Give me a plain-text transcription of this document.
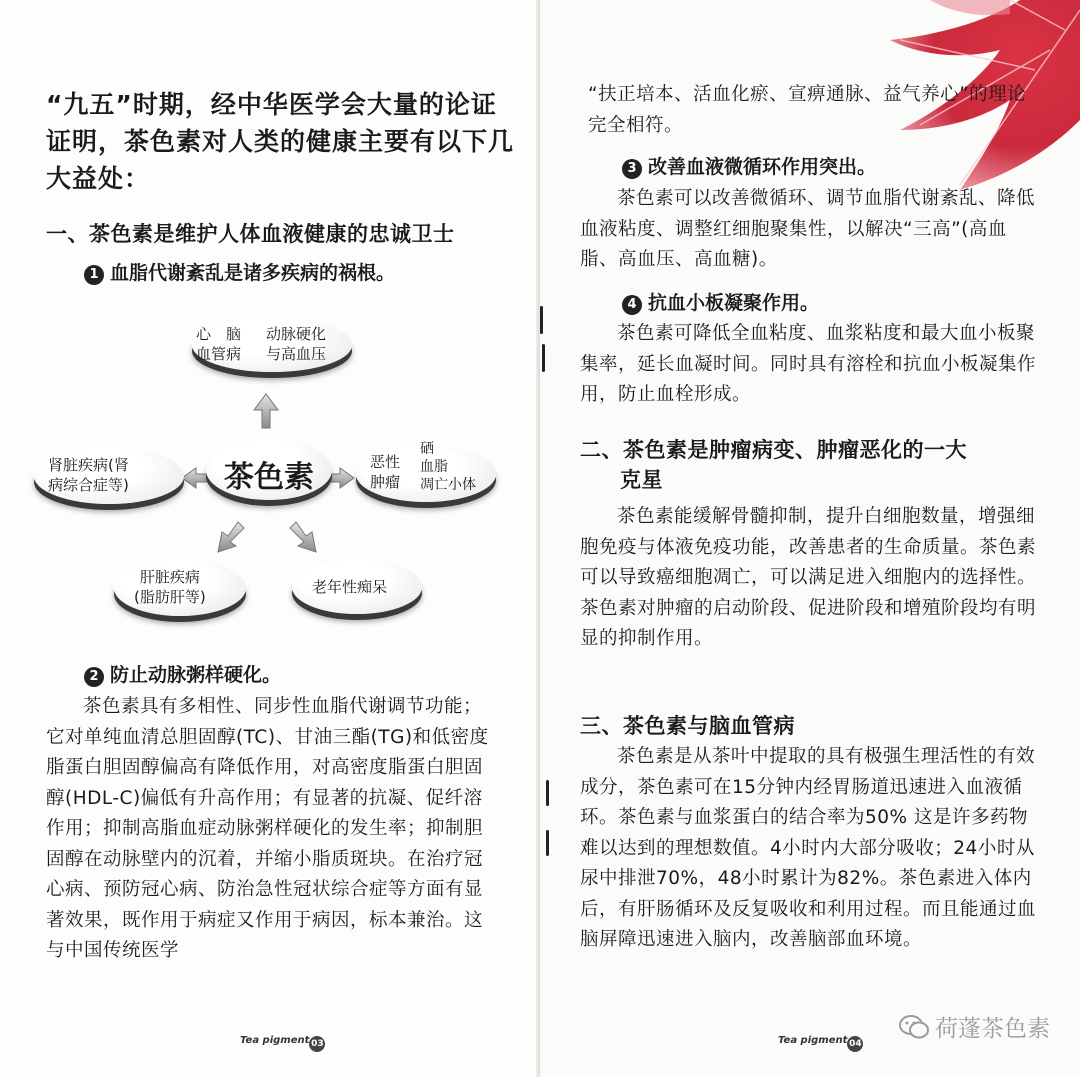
“九五”时期，经中华医学会大量的论证证明，茶色素对人类的健康主要有以下几大益处：
一、茶色素是维护人体血液健康的忠诚卫士
1 血脂代谢紊乱是诸多疾病的祸根。
心　脑
血管病
动脉硬化
与高血压
茶色素
肾脏疾病(肾
病综合症等)
恶性
肿瘤
硒
血脂
凋亡小体
肝脏疾病
(脂肪肝等)
老年性痴呆
2 防止动脉粥样硬化。
茶色素具有多相性、同步性血脂代谢调节功能；它对单纯血清总胆固醇(TC)、甘油三酯(TG)和低密度脂蛋白胆固醇偏高有降低作用，对高密度脂蛋白胆固醇(HDL-C)偏低有升高作用；有显著的抗凝、促纤溶作用；抑制高脂血症动脉粥样硬化的发生率；抑制胆固醇在动脉壁内的沉着，并缩小脂质斑块。在治疗冠心病、预防冠心病、防治急性冠状综合症等方面有显著效果，既作用于病症又作用于病因，标本兼治。这与中国传统医学
Tea pigment 03
“扶正培本、活血化瘀、宣痹通脉、益气养心”的理论完全相符。
3 改善血液微循环作用突出。
茶色素可以改善微循环、调节血脂代谢紊乱、降低血液粘度、调整红细胞聚集性，以解决“三高”(高血脂、高血压、高血糖)。
4 抗血小板凝聚作用。
茶色素可降低全血粘度、血浆粘度和最大血小板聚集率，延长血凝时间。同时具有溶栓和抗血小板凝集作用，防止血栓形成。
二、茶色素是肿瘤病变、肿瘤恶化的一大
克星
茶色素能缓解骨髓抑制，提升白细胞数量，增强细胞免疫与体液免疫功能，改善患者的生命质量。茶色素可以导致癌细胞凋亡，可以满足进入细胞内的选择性。茶色素对肿瘤的启动阶段、促进阶段和增殖阶段均有明显的抑制作用。
三、茶色素与脑血管病
茶色素是从茶叶中提取的具有极强生理活性的有效成分，茶色素可在15分钟内经胃肠道迅速进入血液循环。茶色素与血浆蛋白的结合率为50% 这是许多药物难以达到的理想数值。4小时内大部分吸收；24小时从尿中排泄70%，48小时累计为82%。茶色素进入体内后，有肝肠循环及反复吸收和利用过程。而且能通过血脑屏障迅速进入脑内，改善脑部血环境。
Tea pigment 04
荷蓬茶色素
